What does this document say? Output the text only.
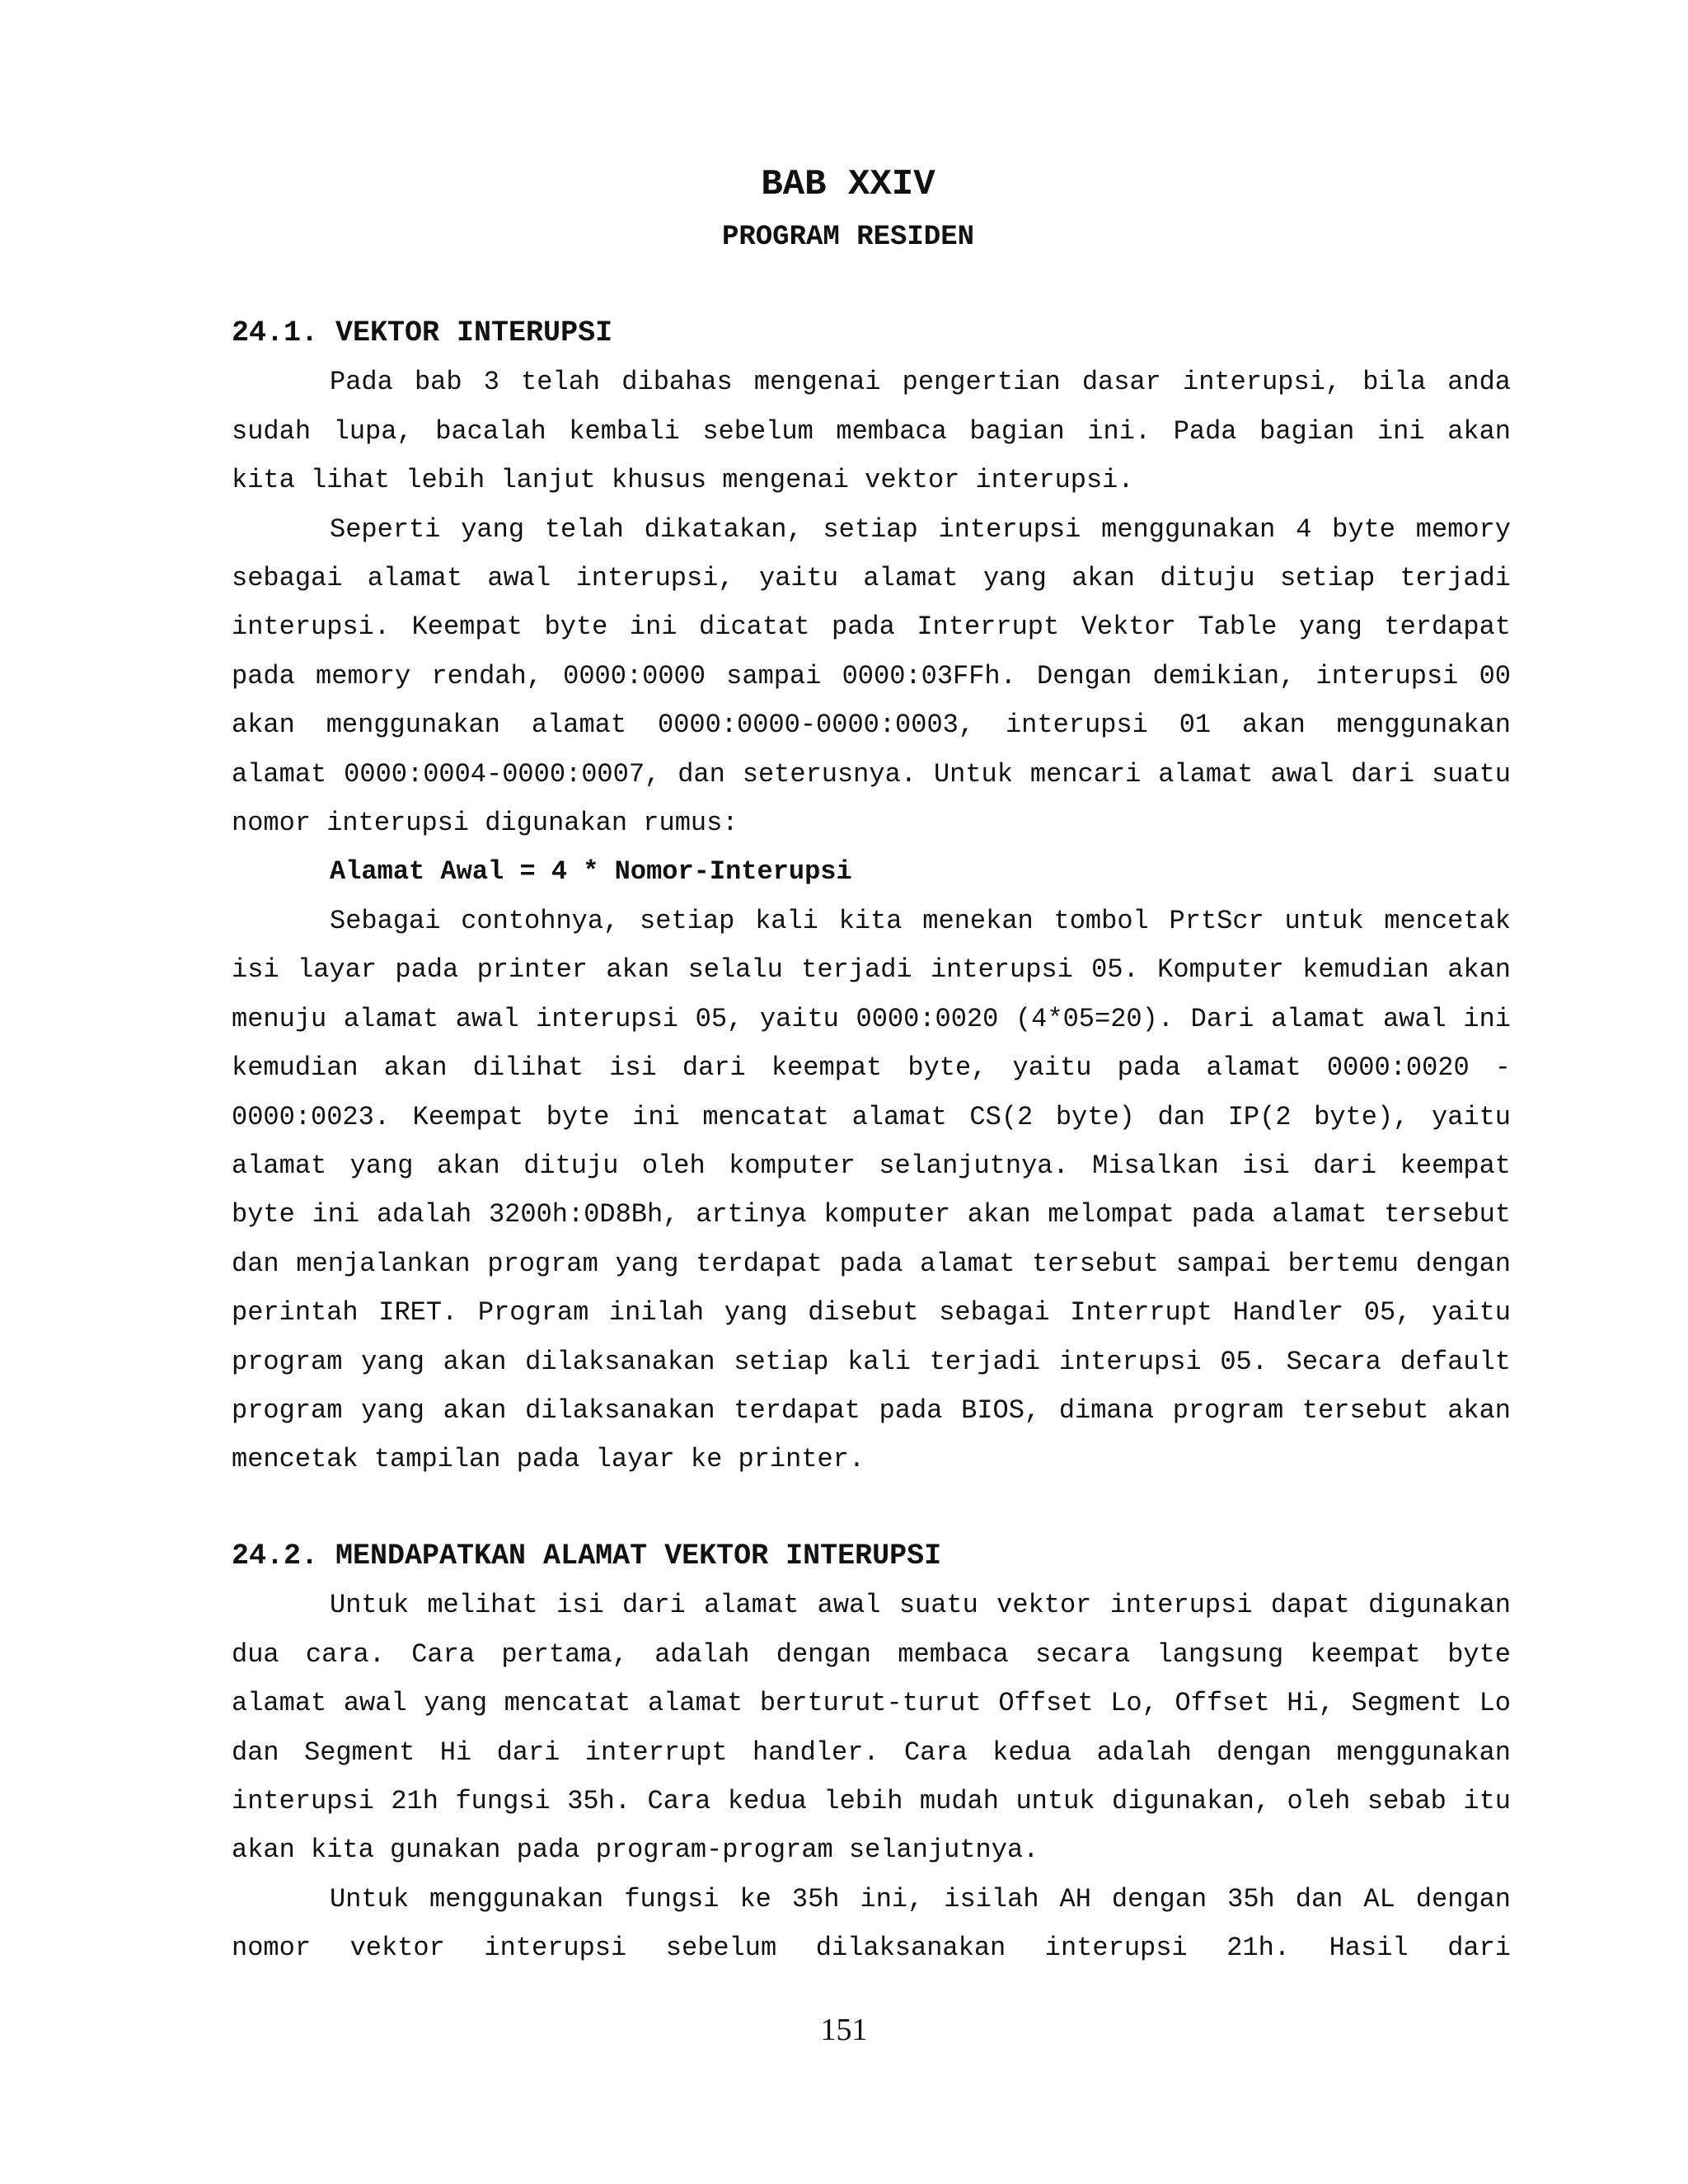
BAB XXIV
PROGRAM RESIDEN
24.1. VEKTOR INTERUPSI

Pada bab 3 telah dibahas mengenai pengertian dasar interupsi, bila anda sudah lupa, bacalah kembali sebelum membaca bagian ini. Pada bagian ini akan kita lihat lebih lanjut khusus mengenai vektor interupsi.

Seperti yang telah dikatakan, setiap interupsi menggunakan 4 byte memory sebagai alamat awal interupsi, yaitu alamat yang akan dituju setiap terjadi interupsi. Keempat byte ini dicatat pada Interrupt Vektor Table yang terdapat pada memory rendah, 0000:0000 sampai 0000:03FFh. Dengan demikian, interupsi 00 akan menggunakan alamat 0000:0000-0000:0003, interupsi 01 akan menggunakan alamat 0000:0004-0000:0007, dan seterusnya. Untuk mencari alamat awal dari suatu nomor interupsi digunakan rumus:

Alamat Awal = 4 * Nomor-Interupsi

Sebagai contohnya, setiap kali kita menekan tombol PrtScr untuk mencetak isi layar pada printer akan selalu terjadi interupsi 05. Komputer kemudian akan menuju alamat awal interupsi 05, yaitu 0000:0020 (4*05=20). Dari alamat awal ini kemudian akan dilihat isi dari keempat byte, yaitu pada alamat 0000:0020 - 0000:0023. Keempat byte ini mencatat alamat CS(2 byte) dan IP(2 byte), yaitu alamat yang akan dituju oleh komputer selanjutnya. Misalkan isi dari keempat byte ini adalah 3200h:0D8Bh, artinya komputer akan melompat pada alamat tersebut dan menjalankan program yang terdapat pada alamat tersebut sampai bertemu dengan perintah IRET. Program inilah yang disebut sebagai Interrupt Handler 05, yaitu program yang akan dilaksanakan setiap kali terjadi interupsi 05. Secara default program yang akan dilaksanakan terdapat pada BIOS, dimana program tersebut akan mencetak tampilan pada layar ke printer.

24.2. MENDAPATKAN ALAMAT VEKTOR INTERUPSI

Untuk melihat isi dari alamat awal suatu vektor interupsi dapat digunakan dua cara. Cara pertama, adalah dengan membaca secara langsung keempat byte alamat awal yang mencatat alamat berturut-turut Offset Lo, Offset Hi, Segment Lo dan Segment Hi dari interrupt handler. Cara kedua adalah dengan menggunakan interupsi 21h fungsi 35h. Cara kedua lebih mudah untuk digunakan, oleh sebab itu akan kita gunakan pada program-program selanjutnya.

Untuk menggunakan fungsi ke 35h ini, isilah AH dengan 35h dan AL dengan nomor vektor interupsi sebelum dilaksanakan interupsi 21h. Hasil dari

151
